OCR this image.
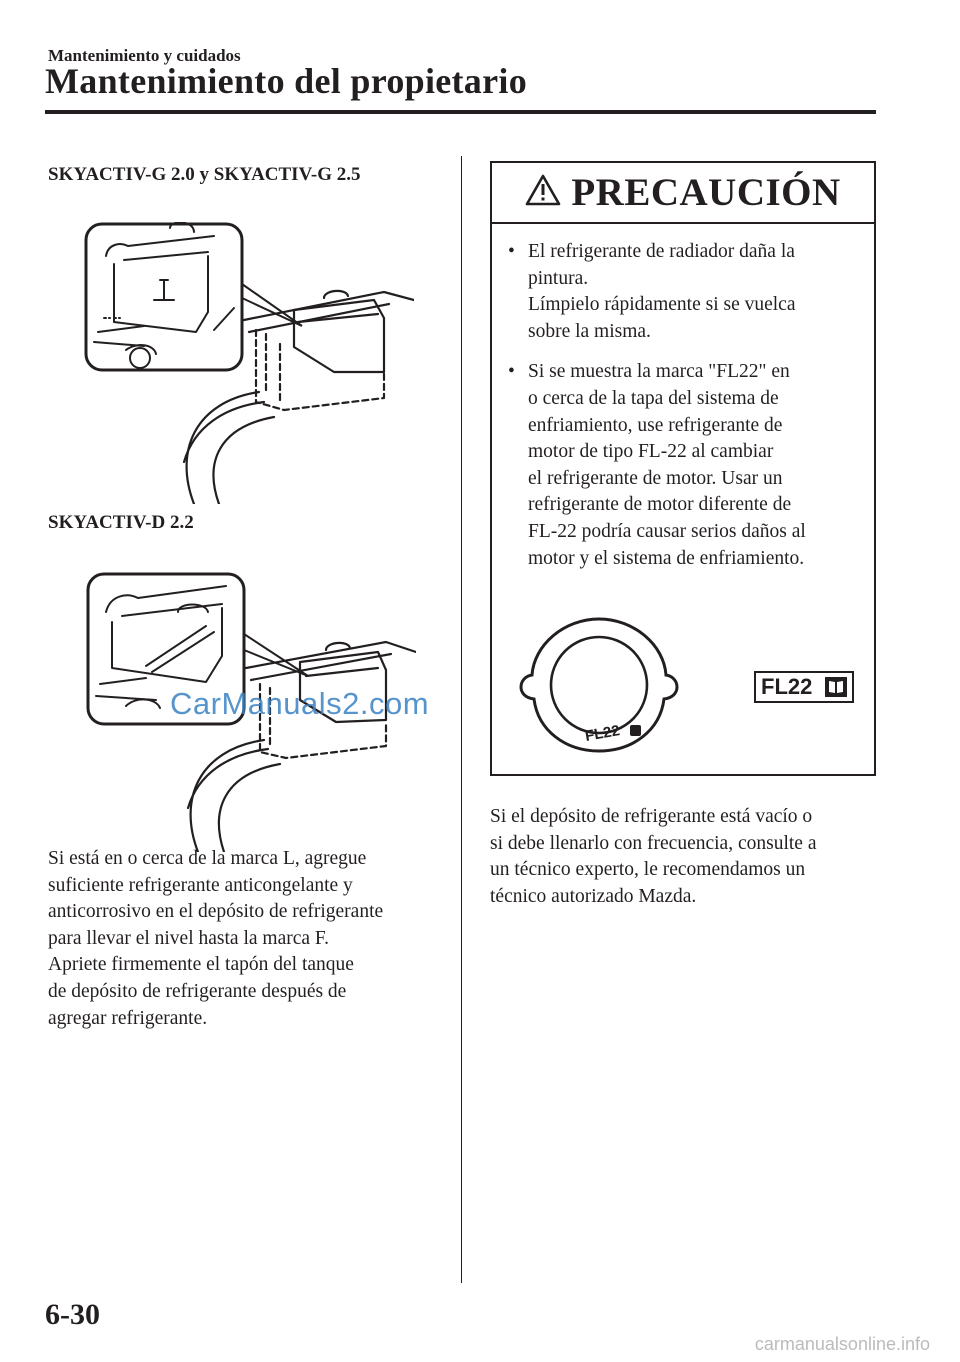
Mantenimiento y cuidados
Mantenimiento del propietario
SKYACTIV-G 2.0 y SKYACTIV-G 2.5
SKYACTIV-D 2.2
CarManuals2.com
Si está en o cerca de la marca L, agregue
suficiente refrigerante anticongelante y
anticorrosivo en el depósito de refrigerante
para llevar el nivel hasta la marca F.
Apriete firmemente el tapón del tanque
de depósito de refrigerante después de
agregar refrigerante.
PRECAUCIÓN
• El refrigerante de radiador daña la
pintura.
Límpielo rápidamente si se vuelca
sobre la misma.
• Si se muestra la marca "FL22" en
o cerca de la tapa del sistema de
enfriamiento, use refrigerante de
motor de tipo FL-22 al cambiar
el refrigerante de motor. Usar un
refrigerante de motor diferente de
FL-22 podría causar serios daños al
motor y el sistema de enfriamiento.
FL22
FL22
Si el depósito de refrigerante está vacío o
si debe llenarlo con frecuencia, consulte a
un técnico experto, le recomendamos un
técnico autorizado Mazda.
6-30
carmanualsonline.info
